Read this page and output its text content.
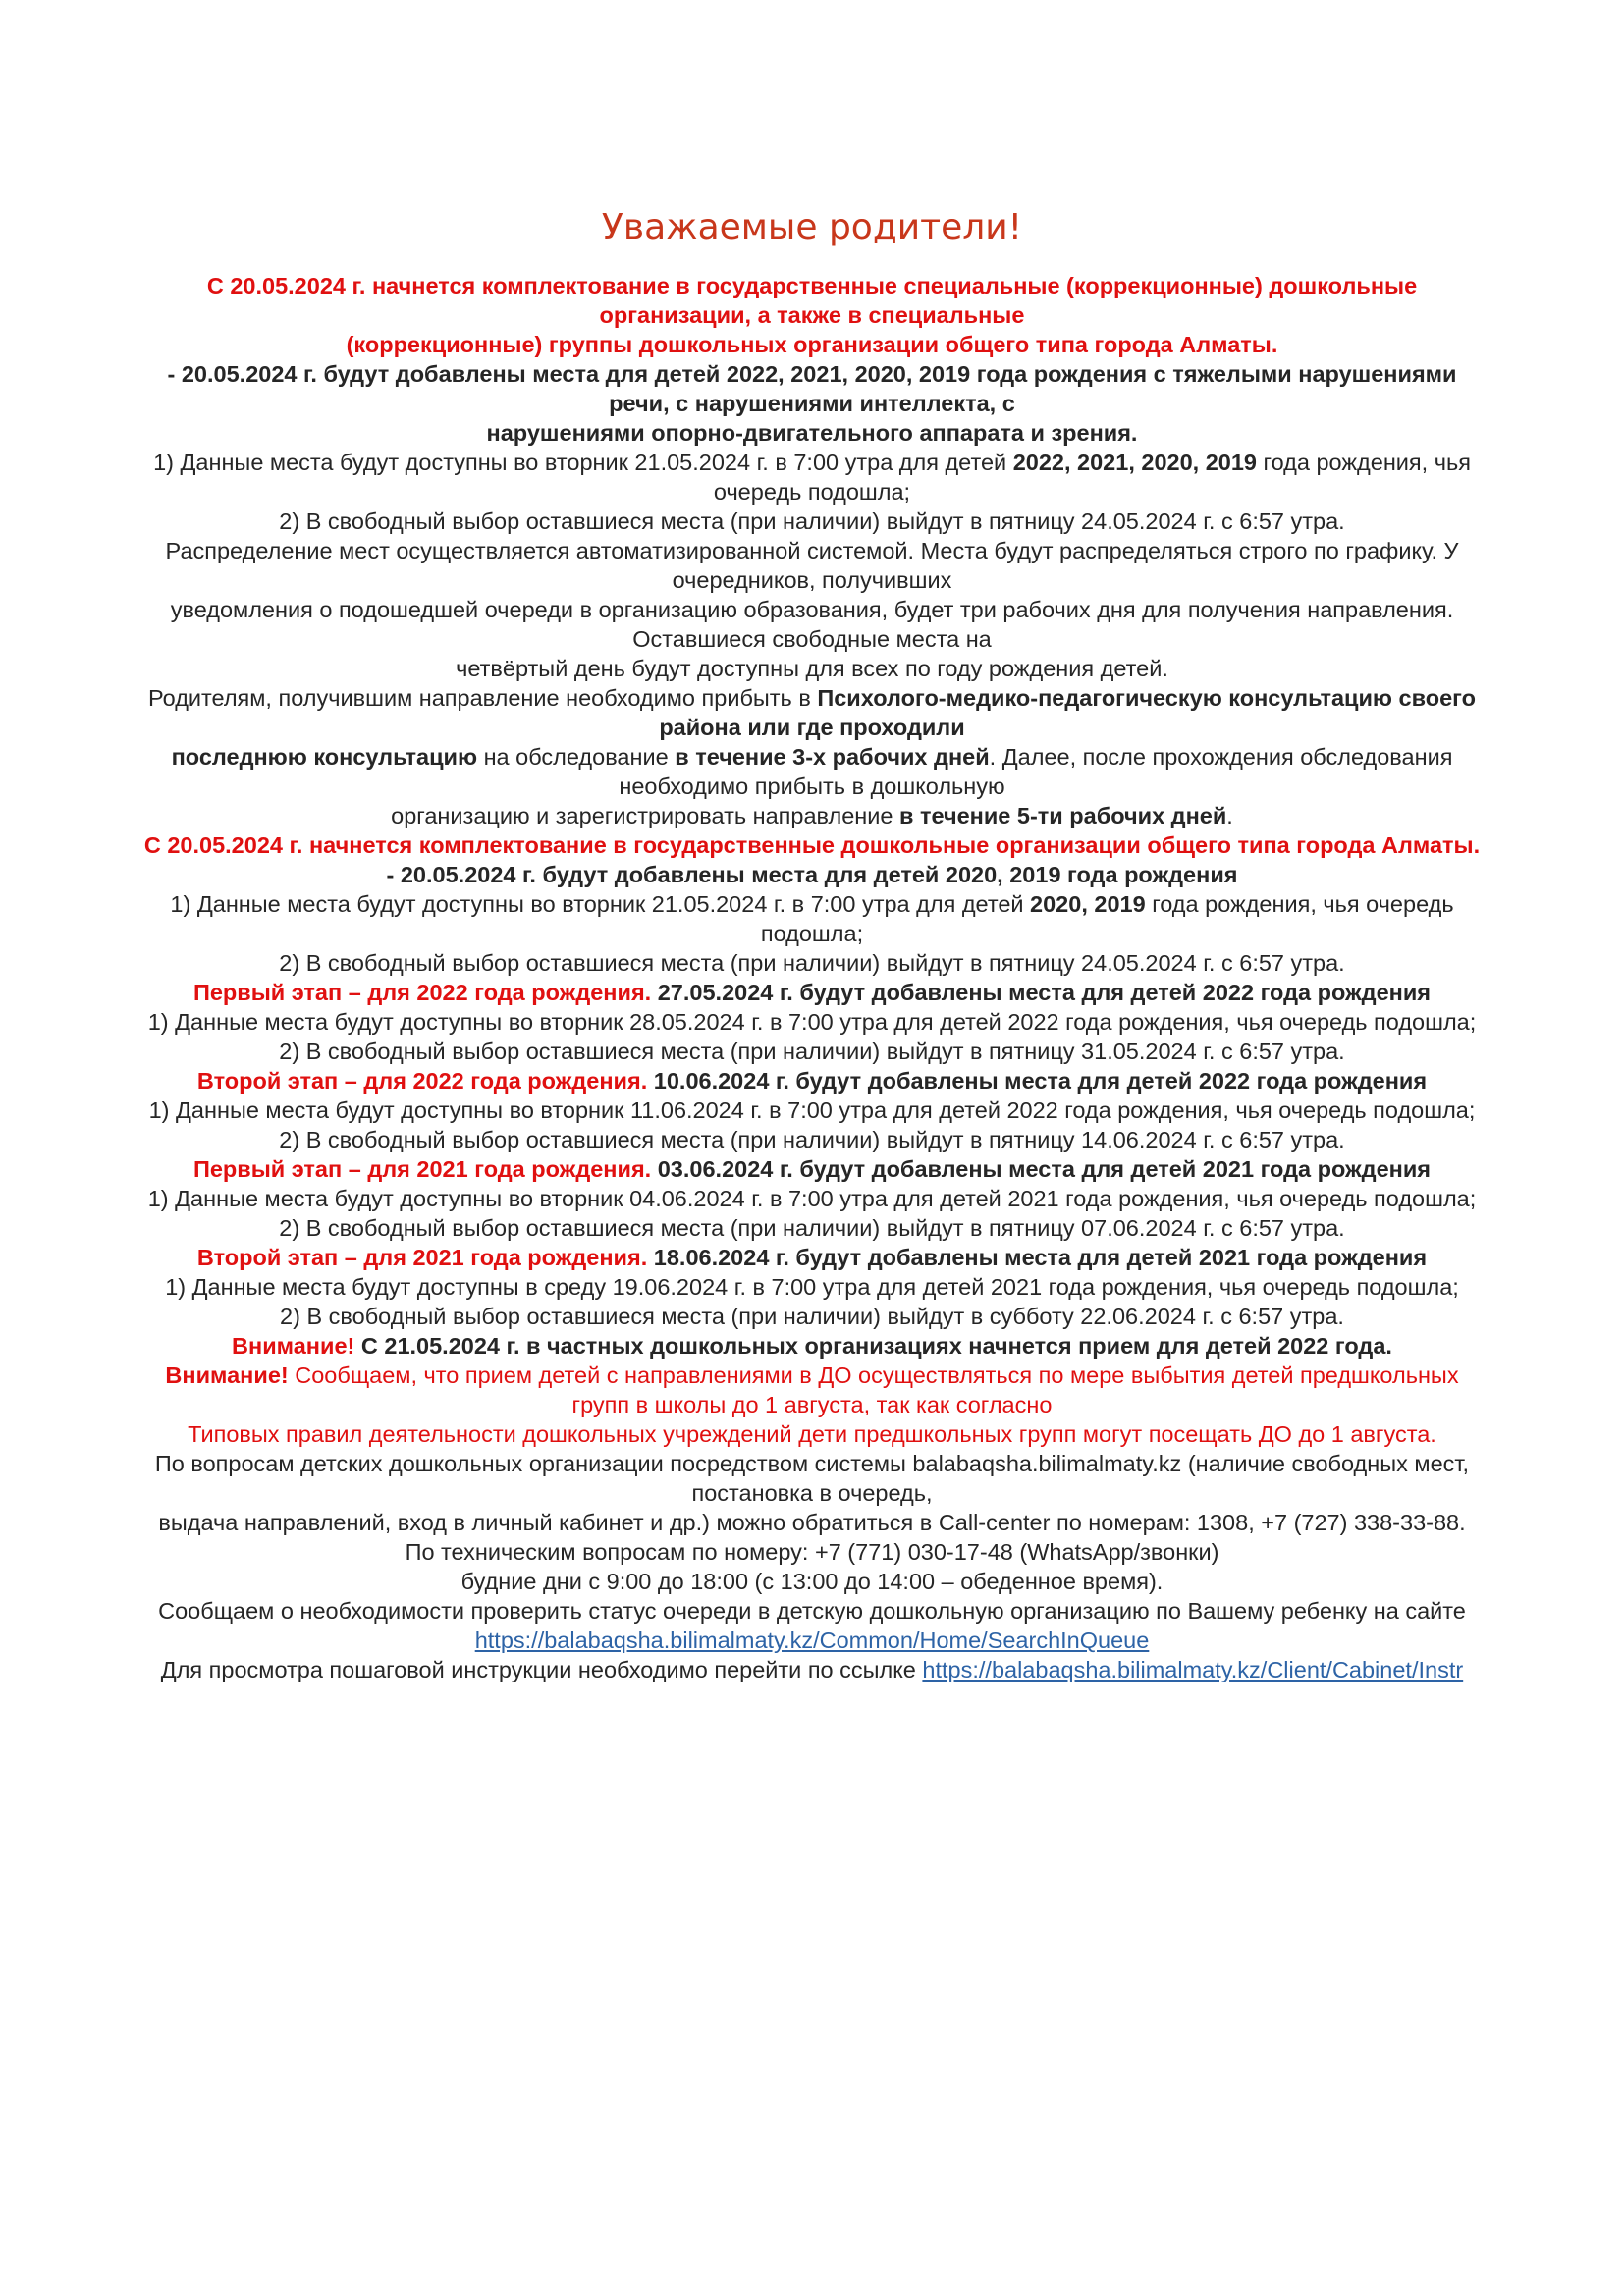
Уважаемые родители!

С 20.05.2024 г. начнется комплектование в государственные специальные (коррекционные) дошкольные

организации, а также в специальные

(коррекционные) группы дошкольных организации общего типа города Алматы.

- 20.05.2024 г. будут добавлены места для детей 2022, 2021, 2020, 2019 года рождения с тяжелыми нарушениями

речи, с нарушениями интеллекта, с

нарушениями опорно-двигательного аппарата и зрения.

1) Данные места будут доступны во вторник 21.05.2024 г. в 7:00 утра для детей 2022, 2021, 2020, 2019 года рождения, чья

очередь подошла;

2) В свободный выбор оставшиеся места (при наличии) выйдут в пятницу 24.05.2024 г. с 6:57 утра.

Распределение мест осуществляется автоматизированной системой. Места будут распределяться строго по графику. У

очередников, получивших

уведомления о подошедшей очереди в организацию образования, будет три рабочих дня для получения направления.

Оставшиеся свободные места на

четвёртый день будут доступны для всех по году рождения детей.

Родителям, получившим направление необходимо прибыть в Психолого-медико-педагогическую консультацию своего

района или где проходили

последнюю консультацию на обследование в течение 3-х рабочих дней. Далее, после прохождения обследования

необходимо прибыть в дошкольную

организацию и зарегистрировать направление в течение 5-ти рабочих дней.

С 20.05.2024 г. начнется комплектование в государственные дошкольные организации общего типа города Алматы.

- 20.05.2024 г. будут добавлены места для детей 2020, 2019 года рождения

1) Данные места будут доступны во вторник 21.05.2024 г. в 7:00 утра для детей 2020, 2019 года рождения, чья очередь

подошла;

2) В свободный выбор оставшиеся места (при наличии) выйдут в пятницу 24.05.2024 г. с 6:57 утра.

Первый этап – для 2022 года рождения. 27.05.2024 г. будут добавлены места для детей 2022 года рождения

1) Данные места будут доступны во вторник 28.05.2024 г. в 7:00 утра для детей 2022 года рождения, чья очередь подошла;

2) В свободный выбор оставшиеся места (при наличии) выйдут в пятницу 31.05.2024 г. с 6:57 утра.

Второй этап – для 2022 года рождения. 10.06.2024 г. будут добавлены места для детей 2022 года рождения

1) Данные места будут доступны во вторник 11.06.2024 г. в 7:00 утра для детей 2022 года рождения, чья очередь подошла;

2) В свободный выбор оставшиеся места (при наличии) выйдут в пятницу 14.06.2024 г. с 6:57 утра.

Первый этап – для 2021 года рождения. 03.06.2024 г. будут добавлены места для детей 2021 года рождения

1) Данные места будут доступны во вторник 04.06.2024 г. в 7:00 утра для детей 2021 года рождения, чья очередь подошла;

2) В свободный выбор оставшиеся места (при наличии) выйдут в пятницу 07.06.2024 г. с 6:57 утра.

Второй этап – для 2021 года рождения. 18.06.2024 г. будут добавлены места для детей 2021 года рождения

1) Данные места будут доступны в среду 19.06.2024 г. в 7:00 утра для детей 2021 года рождения, чья очередь подошла;

2) В свободный выбор оставшиеся места (при наличии) выйдут в субботу 22.06.2024 г. с 6:57 утра.

Внимание! С 21.05.2024 г. в частных дошкольных организациях начнется прием для детей 2022 года.

Внимание! Сообщаем, что прием детей с направлениями в ДО осуществляться по мере выбытия детей предшкольных

групп в школы до 1 августа, так как согласно

Типовых правил деятельности дошкольных учреждений дети предшкольных групп могут посещать ДО до 1 августа.

По вопросам детских дошкольных организации посредством системы balabaqsha.bilimalmaty.kz (наличие свободных мест,

постановка в очередь,

выдача направлений, вход в личный кабинет и др.) можно обратиться в Call-center по номерам: 1308, +7 (727) 338-33-88.

По техническим вопросам по номеру: +7 (771) 030-17-48 (WhatsApp/звонки)

будние дни с 9:00 до 18:00 (с 13:00 до 14:00 – обеденное время).

Сообщаем о необходимости проверить статус очереди в детскую дошкольную организацию по Вашему ребенку на сайте

https://balabaqsha.bilimalmaty.kz/Common/Home/SearchInQueue

Для просмотра пошаговой инструкции необходимо перейти по ссылке https://balabaqsha.bilimalmaty.kz/Client/Cabinet/Instr
